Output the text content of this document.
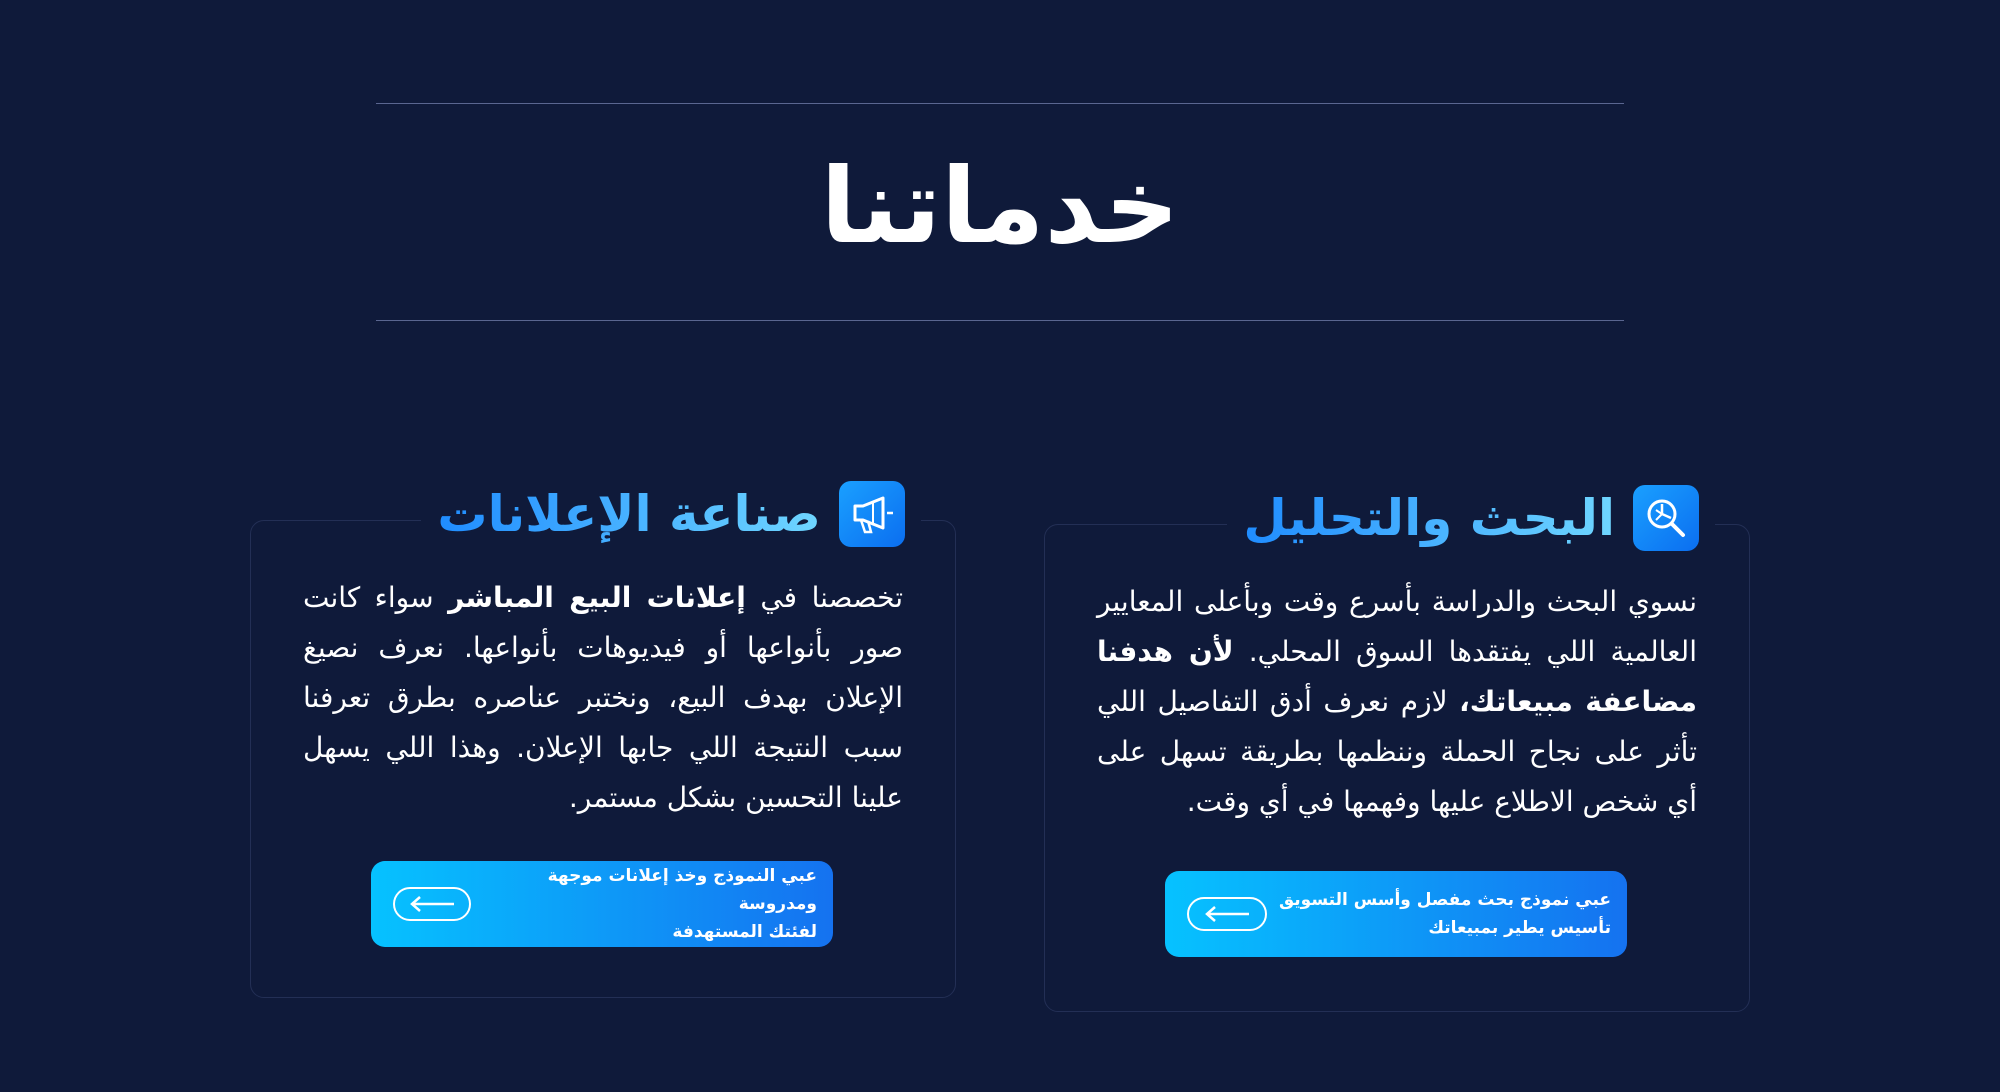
خدماتنا
البحث والتحليل
نسوي البحث والدراسة بأسرع وقت وبأعلى المعايير العالمية اللي يفتقدها السوق المحلي. لأن هدفنا مضاعفة مبيعاتك، لازم نعرف أدق التفاصيل اللي تأثر على نجاح الحملة وننظمها بطريقة تسهل على أي شخص الاطلاع عليها وفهمها في أي وقت.
عبي نموذج بحث مفصل وأسس التسويق
تأسيس يطير بمبيعاتك
صناعة الإعلانات
تخصصنا في إعلانات البيع المباشر سواء كانت صور بأنواعها أو فيديوهات بأنواعها. نعرف نصيغ الإعلان بهدف البيع، ونختبر عناصره بطرق تعرفنا سبب النتيجة اللي جابها الإعلان. وهذا اللي يسهل علينا التحسين بشكل مستمر.
عبي النموذج وخذ إعلانات موجهة ومدروسة
لفئتك المستهدفة
